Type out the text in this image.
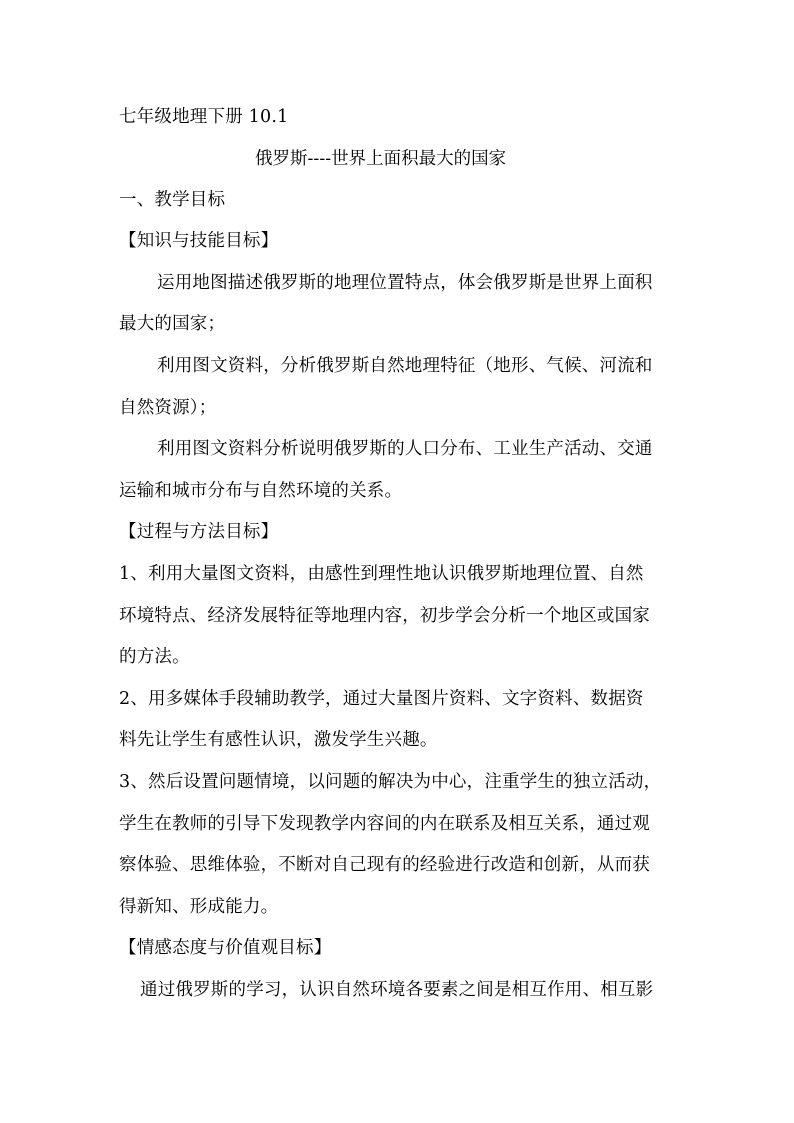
七年级地理下册 10.1
俄罗斯----世界上面积最大的国家
一、教学目标
【知识与技能目标】
运用地图描述俄罗斯的地理位置特点，体会俄罗斯是世界上面积
最大的国家；
利用图文资料，分析俄罗斯自然地理特征（地形、气候、河流和
自然资源）；
利用图文资料分析说明俄罗斯的人口分布、工业生产活动、交通
运输和城市分布与自然环境的关系。
【过程与方法目标】
1、利用大量图文资料，由感性到理性地认识俄罗斯地理位置、自然
环境特点、经济发展特征等地理内容，初步学会分析一个地区或国家
的方法。
2、用多媒体手段辅助教学，通过大量图片资料、文字资料、数据资
料先让学生有感性认识，激发学生兴趣。
3、然后设置问题情境，以问题的解决为中心，注重学生的独立活动，
学生在教师的引导下发现教学内容间的内在联系及相互关系，通过观
察体验、思维体验，不断对自己现有的经验进行改造和创新，从而获
得新知、形成能力。
【情感态度与价值观目标】
通过俄罗斯的学习，认识自然环境各要素之间是相互作用、相互影
